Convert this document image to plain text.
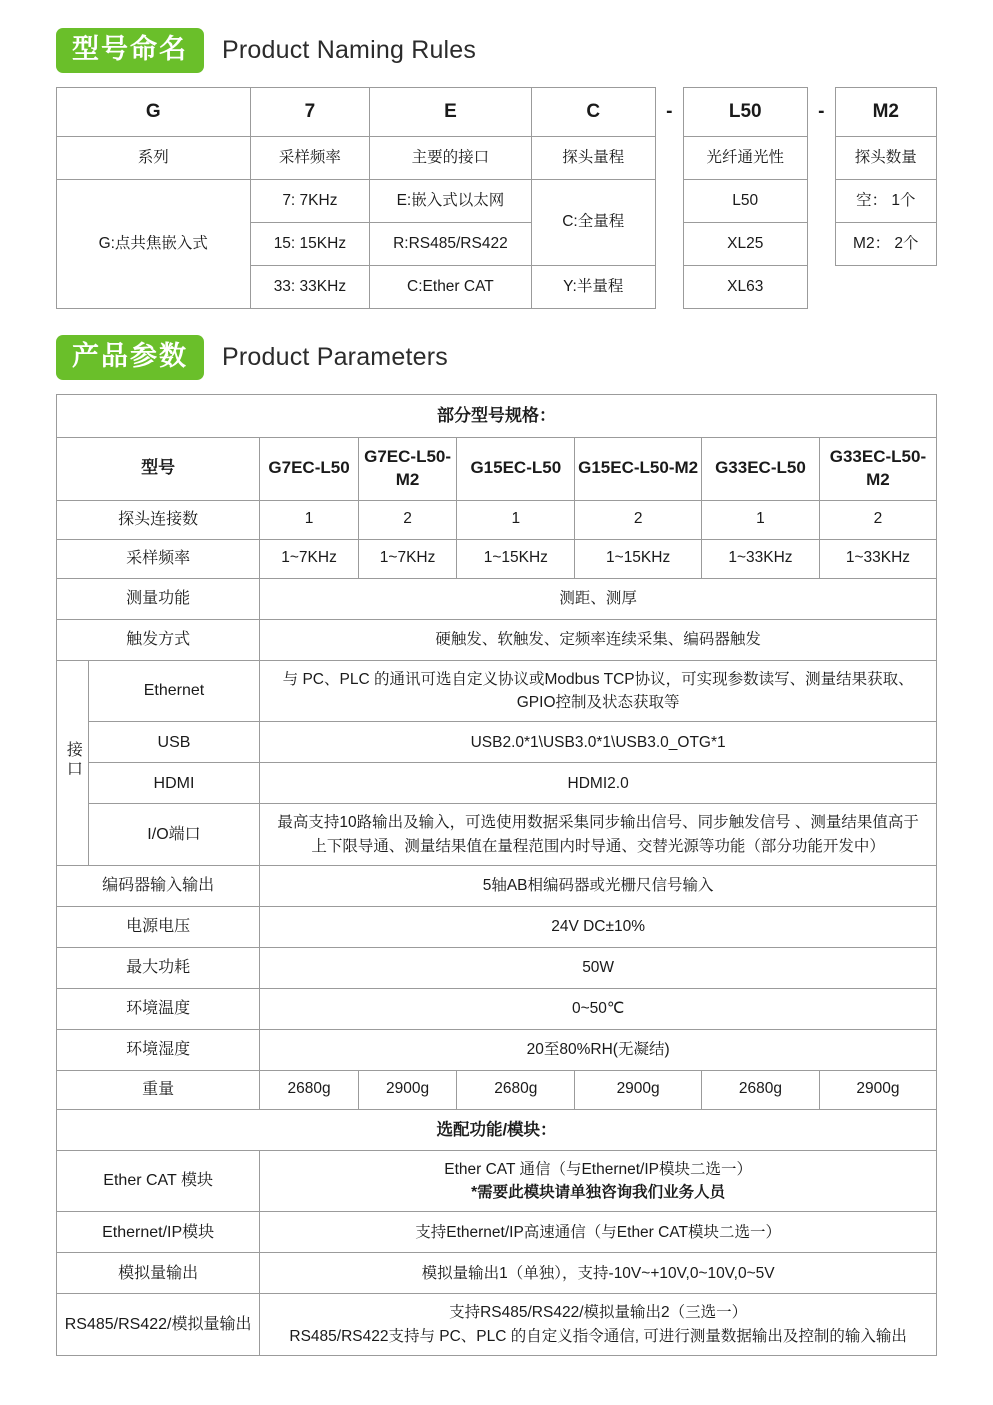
型号命名	Product Naming Rules
G	7	E	C	-	L50	-	M2
系列	采样频率	主要的接口	探头量程		光纤通光性		探头数量
G:点共焦嵌入式	7: 7KHz	E:嵌入式以太网	C:全量程		L50		空： 1个
	15: 15KHz	R:RS485/RS422			XL25		M2： 2个
	33: 33KHz	C:Ether CAT	Y:半量程		XL63		
产品参数	Product Parameters
部分型号规格：							
型号		G7EC-L50	G7EC-L50-M2	G15EC-L50	G15EC-L50-M2	G33EC-L50	G33EC-L50-M2
探头连接数		1	2	1	2	1	2
采样频率		1~7KHz	1~7KHz	1~15KHz	1~15KHz	1~33KHz	1~33KHz
测量功能		测距、测厚					
触发方式		硬触发、软触发、定频率连续采集、编码器触发					
接口	Ethernet	与 PC、PLC 的通讯可选自定义协议或Modbus TCP协议，可实现参数读写、测量结果获取、GPIO控制及状态获取等					
	USB	USB2.0*1\USB3.0*1\USB3.0_OTG*1					
	HDMI	HDMI2.0					
	I/O端口	最高支持10路输出及输入，可选使用数据采集同步输出信号、同步触发信号 、测量结果值高于上下限导通、测量结果值在量程范围内时导通、交替光源等功能（部分功能开发中）					
编码器输入输出		5轴AB相编码器或光栅尺信号输入					
电源电压		24V DC±10%					
最大功耗		50W					
环境温度		0~50℃					
环境湿度		20至80%RH(无凝结)					
重量		2680g	2900g	2680g	2900g	2680g	2900g
选配功能/模块：							
Ether CAT 模块		Ether CAT 通信（与Ethernet/IP模块二选一）
*需要此模块请单独咨询我们业务人员					

Ethernet/IP模块		支持Ethernet/IP高速通信（与Ether CAT模块二选一）					
模拟量输出		模拟量输出1（单独），支持-10V~+10V,0~10V,0~5V					
RS485/RS422/模拟量输出		支持RS485/RS422/模拟量输出2（三选一）
RS485/RS422支持与 PC、PLC 的自定义指令通信, 可进行测量数据输出及控制的输入输出					
